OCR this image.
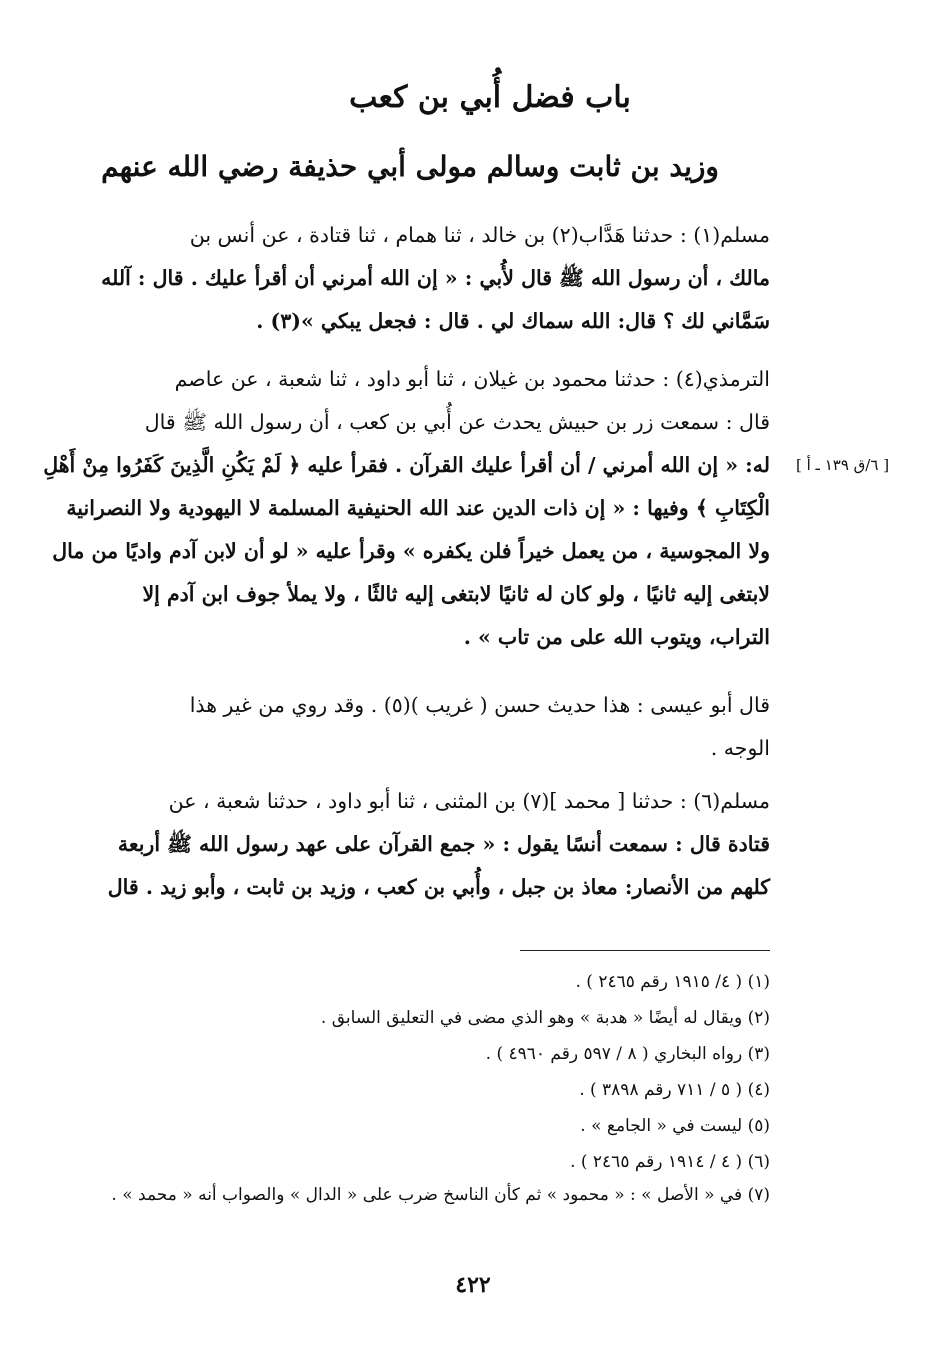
باب فضل أُبي بن كعب
وزيد بن ثابت وسالم مولى أبي حذيفة رضي الله عنهم

مسلم(١) : حدثنا هَدَّاب(٢) بن خالد ، ثنا همام ، ثنا قتادة ، عن أنس بن

مالك ، أن رسول الله ﷺ قال لأُبي : « إن الله أمرني أن أقرأ عليك . قال : آلله

سَمَّاني لك ؟ قال: الله سماك لي . قال : فجعل يبكي »(٣) .

الترمذي(٤) : حدثنا محمود بن غيلان ، ثنا أبو داود ، ثنا شعبة ، عن عاصم

قال : سمعت زر بن حبيش يحدث عن أُبي بن كعب ، أن رسول الله ﷺ قال

له: « إن الله أمرني / أن أقرأ عليك القرآن . فقرأ عليه ﴿ لَمْ يَكُنِ الَّذِينَ كَفَرُوا مِنْ أَهْلِ

الْكِتَابِ ﴾ وفيها : « إن ذات الدين عند الله الحنيفية المسلمة لا اليهودية ولا النصرانية

ولا المجوسية ، من يعمل خيراً فلن يكفره » وقرأ عليه « لو أن لابن آدم واديًا من مال

لابتغى إليه ثانيًا ، ولو كان له ثانيًا لابتغى إليه ثالثًا ، ولا يملأ جوف ابن آدم إلا

التراب، ويتوب الله على من تاب » .

[ ٦/ق ١٣٩ ـ أ ]

قال أبو عيسى : هذا حديث حسن ( غريب )(٥) . وقد روي من غير هذا

الوجه .

مسلم(٦) : حدثنا [ محمد ](٧) بن المثنى ، ثنا أبو داود ، حدثنا شعبة ، عن

قتادة قال : سمعت أنسًا يقول : « جمع القرآن على عهد رسول الله ﷺ أربعة

كلهم من الأنصار: معاذ بن جبل ، وأُبي بن كعب ، وزيد بن ثابت ، وأبو زيد . قال

(١) ( ٤/ ١٩١٥ رقم ٢٤٦٥ ) .
(٢) ويقال له أيضًا « هدبة » وهو الذي مضى في التعليق السابق .
(٣) رواه البخاري ( ٨ / ٥٩٧ رقم ٤٩٦٠ ) .
(٤) ( ٥ / ٧١١ رقم ٣٨٩٨ ) .
(٥) ليست في « الجامع » .
(٦) ( ٤ / ١٩١٤ رقم ٢٤٦٥ ) .
(٧) في « الأصل » : « محمود » ثم كأن الناسخ ضرب على « الدال » والصواب أنه « محمد » .
٤٢٢
